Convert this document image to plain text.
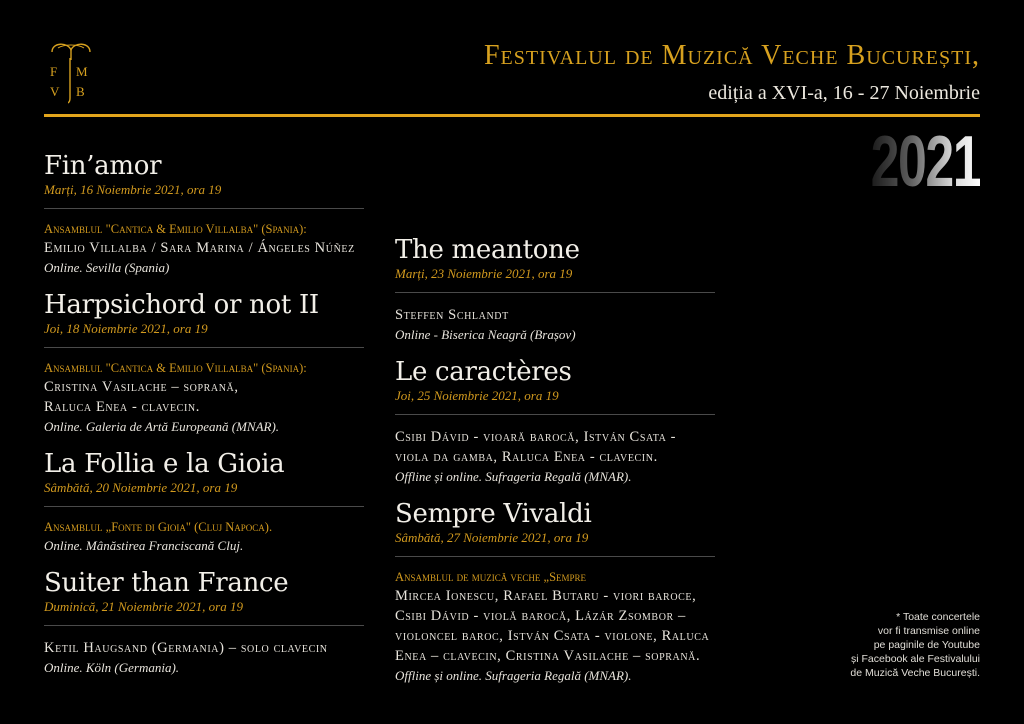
F M
V B
Festivalul de Muzică Veche București,
ediția a XVI-a, 16 - 27 Noiembrie
2021
Fin’amor
Marți, 16 Noiembrie 2021, ora 19
Ansamblul "Cantica & Emilio Villalba" (Spania):
Emilio Villalba / Sara Marina / Ángeles Núñez
Online. Sevilla (Spania)
Harpsichord or not II
Joi, 18 Noiembrie 2021, ora 19
Ansamblul "Cantica & Emilio Villalba" (Spania):
Cristina Vasilache – soprană,
Raluca Enea - clavecin.
Online. Galeria de Artă Europeană (MNAR).
La Follia e la Gioia
Sâmbătă, 20 Noiembrie 2021, ora 19
Ansamblul „Fonte di Gioia" (Cluj Napoca).
Online. Mânăstirea Franciscană Cluj.
Suiter than France
Duminică, 21 Noiembrie 2021, ora 19
Ketil Haugsand (Germania) – solo clavecin
Online. Köln (Germania).
The meantone
Marți, 23 Noiembrie 2021, ora 19
Steffen Schlandt
Online - Biserica Neagră (Brașov)
Le caractères
Joi, 25 Noiembrie 2021, ora 19
Csibi Dávid - vioară barocă, István Csata -
viola da gamba, Raluca Enea - clavecin.
Offline și online. Sufrageria Regală (MNAR).
Sempre Vivaldi
Sâmbătă, 27 Noiembrie 2021, ora 19
Ansamblul de muzică veche „Sempre
Mircea Ionescu, Rafael Butaru - viori baroce,
Csibi Dávid - violă barocă, Lázár Zsombor –
violoncel baroc, István Csata - violone, Raluca
Enea – clavecin, Cristina Vasilache – soprană.
Offline și online. Sufrageria Regală (MNAR).
* Toate concertele
vor fi transmise online
pe paginile de Youtube
și Facebook ale Festivalului
de Muzică Veche București.
